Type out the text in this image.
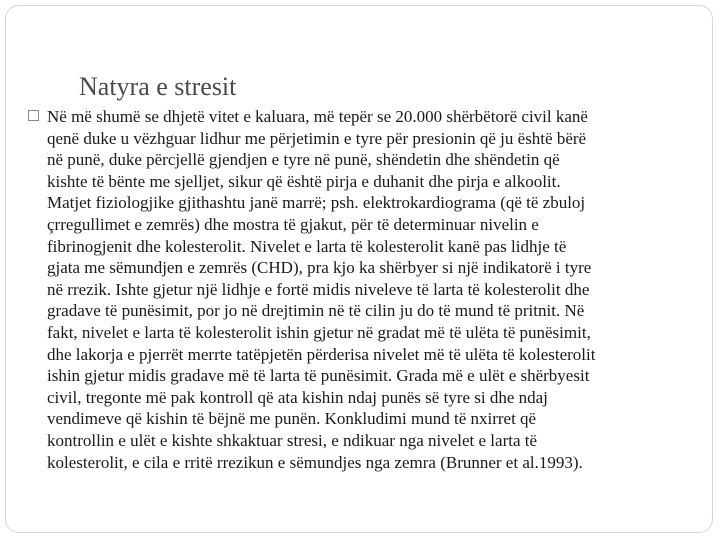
Natyra e stresit
Në më shumë se dhjetë vitet e kaluara, më tepër se 20.000 shërbëtorë civil kanë
qenë duke u vëzhguar lidhur me përjetimin e tyre për presionin që ju është bërë
në punë, duke përcjellë gjendjen e tyre në punë, shëndetin dhe shëndetin që
kishte të bënte me sjelljet, sikur që është pirja e duhanit dhe pirja e alkoolit.
Matjet fiziologjike gjithashtu janë marrë; psh. elektrokardiograma (që të zbuloj
çrregullimet e zemrës) dhe mostra të gjakut, për të determinuar nivelin e
fibrinogjenit dhe kolesterolit. Nivelet e larta të kolesterolit kanë pas lidhje të
gjata me sëmundjen e zemrës (CHD), pra kjo ka shërbyer si një indikatorë i tyre
në rrezik. Ishte gjetur një lidhje e fortë midis niveleve të larta të kolesterolit dhe
gradave të punësimit, por jo në drejtimin në të cilin ju do të mund të pritnit. Në
fakt, nivelet e larta të kolesterolit ishin gjetur në gradat më të ulëta të punësimit,
dhe lakorja e pjerrët merrte tatëpjetën përderisa nivelet më të ulëta të kolesterolit
ishin gjetur midis gradave më të larta të punësimit. Grada më e ulët e shërbyesit
civil, tregonte më pak kontroll që ata kishin ndaj punës së tyre si dhe ndaj
vendimeve që kishin të bëjnë me punën. Konkludimi mund të nxirret që
kontrollin e ulët e kishte shkaktuar stresi, e ndikuar nga nivelet e larta të
kolesterolit, e cila e rritë rrezikun e sëmundjes nga zemra (Brunner et al.1993).
